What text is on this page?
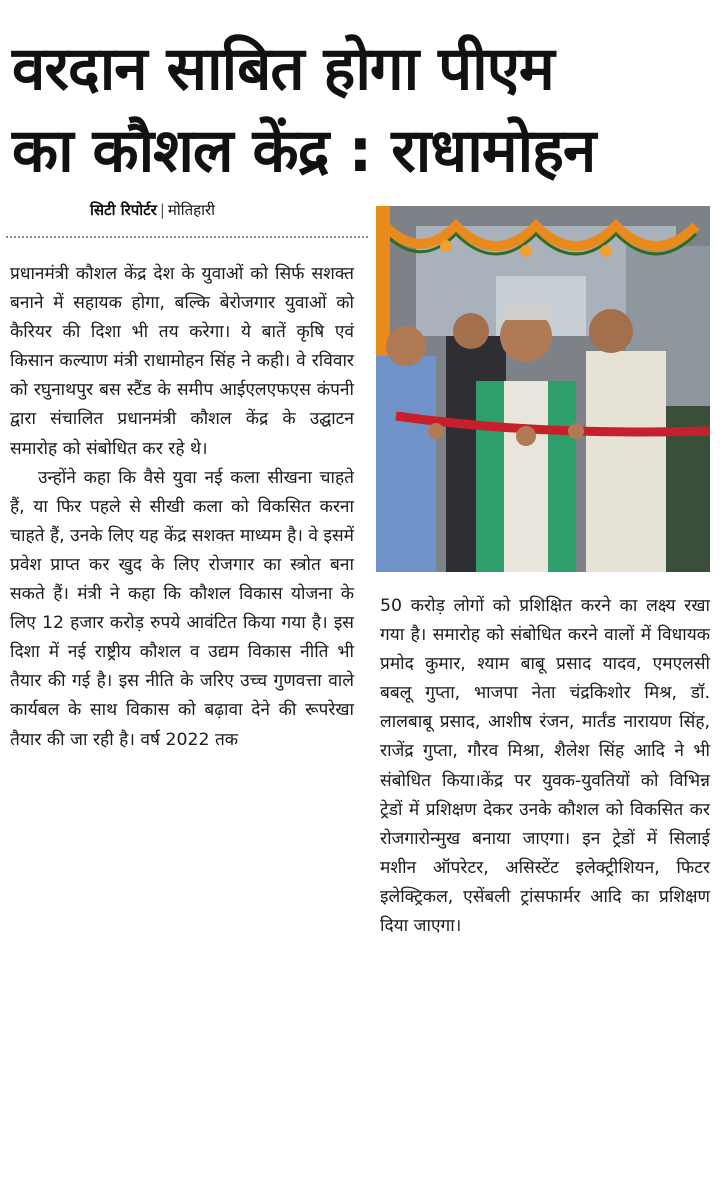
वरदान साबित होगा पीएम
का कौशल केंद्र : राधामोहन
सिटी रिपोर्टर | मोतिहारी

प्रधानमंत्री कौशल केंद्र देश के युवाओं को सिर्फ सशक्त बनाने में सहायक होगा, बल्कि बेरोजगार युवाओं को कैरियर की दिशा भी तय करेगा। ये बातें कृषि एवं किसान कल्याण मंत्री राधामोहन सिंह ने कही। वे रविवार को रघुनाथपुर बस स्टैंड के समीप आईएलएफएस कंपनी द्वारा संचालित प्रधानमंत्री कौशल केंद्र के उद्घाटन समारोह को संबोधित कर रहे थे।

उन्होंने कहा कि वैसे युवा नई कला सीखना चाहते हैं, या फिर पहले से सीखी कला को विकसित करना चाहते हैं, उनके लिए यह केंद्र सशक्त माध्यम है। वे इसमें प्रवेश प्राप्त कर खुद के लिए रोजगार का स्त्रोत बना सकते हैं। मंत्री ने कहा कि कौशल विकास योजना के लिए 12 हजार करोड़ रुपये आवंटित किया गया है। इस दिशा में नई राष्ट्रीय कौशल व उद्यम विकास नीति भी तैयार की गई है। इस नीति के जरिए उच्च गुणवत्ता वाले कार्यबल के साथ विकास को बढ़ावा देने की रूपरेखा तैयार की जा रही है। वर्ष 2022 तक

50 करोड़ लोगों को प्रशिक्षित करने का लक्ष्य रखा गया है। समारोह को संबोधित करने वालों में विधायक प्रमोद कुमार, श्याम बाबू प्रसाद यादव, एमएलसी बबलू गुप्ता, भाजपा नेता चंद्रकिशोर मिश्र, डॉ. लालबाबू प्रसाद, आशीष रंजन, मार्तंड नारायण सिंह, राजेंद्र गुप्ता, गौरव मिश्रा, शैलेश सिंह आदि ने भी संबोधित किया।केंद्र पर युवक-युवतियों को विभिन्न ट्रेडों में प्रशिक्षण देकर उनके कौशल को विकसित कर रोजगारोन्मुख बनाया जाएगा। इन ट्रेडों में सिलाई मशीन ऑपरेटर, असिस्टेंट इलेक्ट्रीशियन, फिटर इलेक्ट्रिकल, एसेंबली ट्रांसफार्मर आदि का प्रशिक्षण दिया जाएगा।
